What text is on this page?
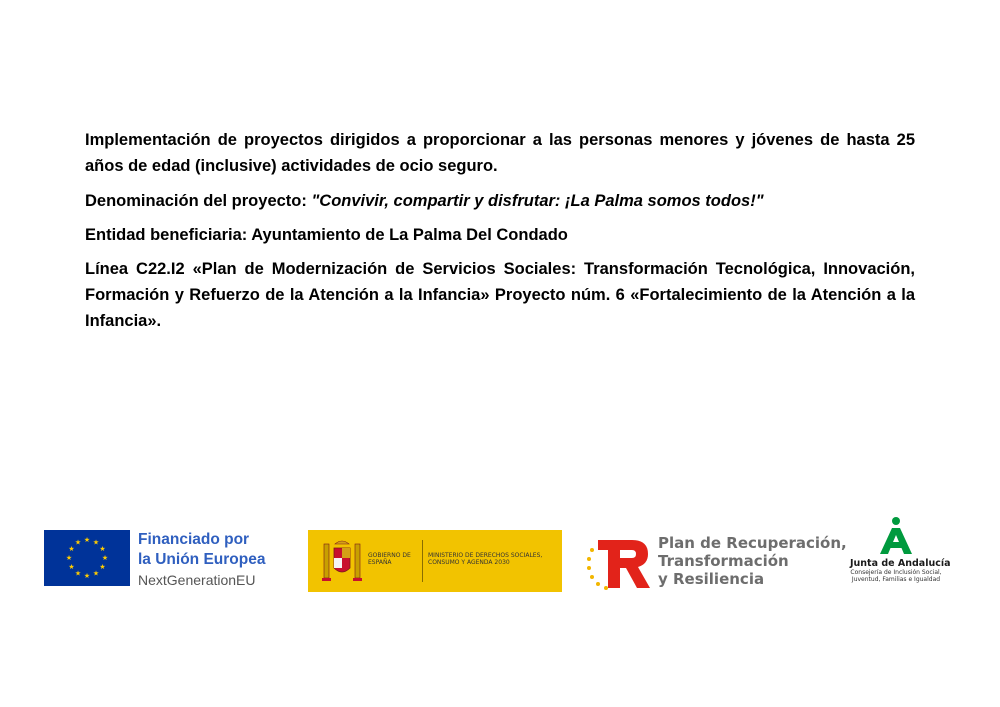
Implementación de proyectos dirigidos a proporcionar a las personas menores y jóvenes de hasta 25 años de edad (inclusive) actividades de ocio seguro.

Denominación del proyecto: "Convivir, compartir y disfrutar: ¡La Palma somos todos!"

Entidad beneficiaria: Ayuntamiento de La Palma Del Condado

Línea C22.I2 «Plan de Modernización de Servicios Sociales: Transformación Tecnológica, Innovación, Formación y Refuerzo de la Atención a la Infancia» Proyecto núm. 6 «Fortalecimiento de la Atención a la Infancia».

★ ★
★
★
★
★
★
★
★
★
★
★	Financiado por
la Unión Europea
NextGenerationEU
GOBIERNO DE ESPAÑA
MINISTERIO DE DERECHOS SOCIALES, CONSUMO Y AGENDA 2030
Plan de Recuperación,
Transformación
y Resiliencia
Junta de Andalucía
Consejería de Inclusión Social, Juventud, Familias e Igualdad
